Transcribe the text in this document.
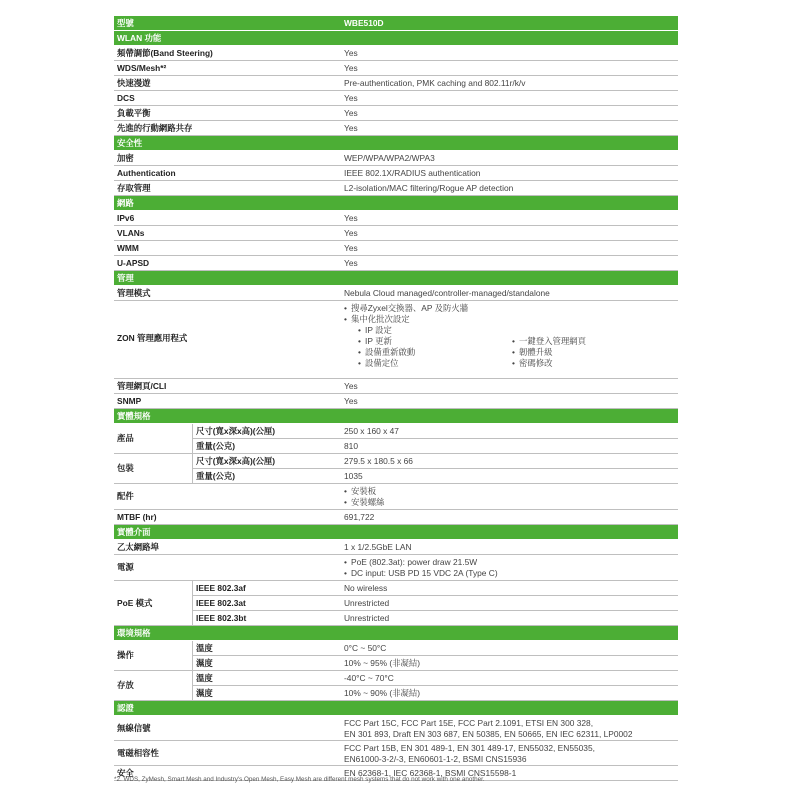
型號	WBE510D
WLAN 功能
頻帶調節(Band Steering)	Yes
WDS/Mesh*²	Yes
快速漫遊	Pre-authentication, PMK caching and 802.11r/k/v
DCS	Yes
負載平衡	Yes
先進的行動網路共存	Yes
安全性
加密	WEP/WPA/WPA2/WPA3
Authentication	IEEE 802.1X/RADIUS authentication
存取管理	L2-isolation/MAC filtering/Rogue AP detection
網路
IPv6	Yes
VLANs	Yes
WMM	Yes
U-APSD	Yes
管理
管理模式	Nebula Cloud managed/controller-managed/standalone
ZON 管理應用程式
• 搜尋Zyxel交換器、AP 及防火牆
• 集中化批次設定
• IP 設定
• IP 更新
• 設備重新啟動
• 設備定位
• 一鍵登入管理網頁
• 韌體升級
• 密碼修改
管理網頁/CLI	Yes
SNMP	Yes
實體規格
產品
尺寸(寬x深x高)(公厘)	250 x 160 x 47
重量(公克)	810
包裝
尺寸(寬x深x高)(公厘)	279.5 x 180.5 x 66
重量(公克)	1035
配件	• 安裝板
• 安裝螺絲
MTBF (hr)	691,722
實體介面
乙太網路埠	1 x 1/2.5GbE LAN
電源	• PoE (802.3at): power draw 21.5W
• DC input: USB PD 15 VDC 2A (Type C)
PoE 模式
IEEE 802.3af	No wireless
IEEE 802.3at	Unrestricted
IEEE 802.3bt	Unrestricted
環境規格
操作
溫度	0°C ~ 50°C
濕度	10% ~ 95% (非凝結)
存放
溫度	-40°C ~ 70°C
濕度	10% ~ 90% (非凝結)
認證
無線信號	FCC Part 15C, FCC Part 15E, FCC Part 2.1091, ETSI EN 300 328,
EN 301 893, Draft EN 303 687, EN 50385, EN 50665, EN IEC 62311, LP0002
電磁相容性	FCC Part 15B, EN 301 489-1, EN 301 489-17, EN55032, EN55035,
EN61000-3-2/-3, EN60601-1-2, BSMI CNS15936
安全	EN 62368-1, IEC 62368-1, BSMI CNS15598-1
*2. WDS, ZyMesh, Smart Mesh and Industry's Open Mesh, Easy Mesh are different mesh systems that do not work with one another.
